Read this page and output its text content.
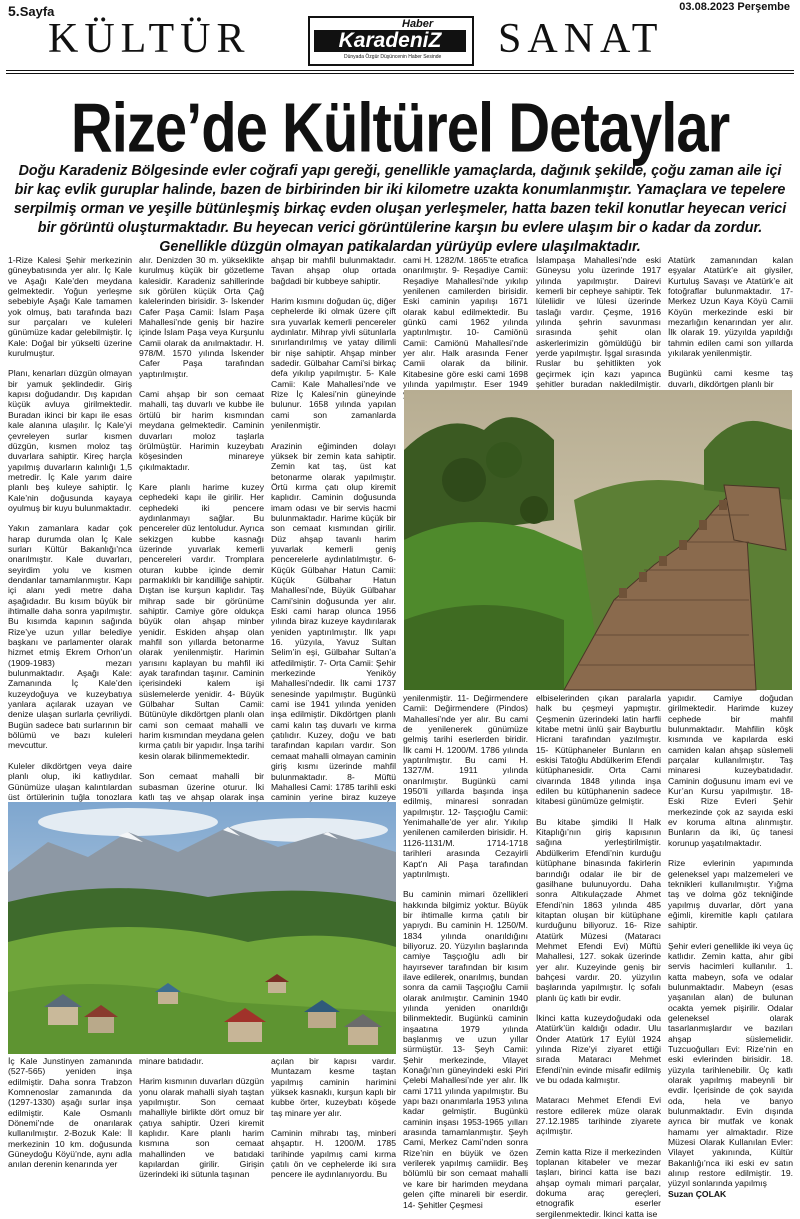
5.Sayfa	03.08.2023 Perşembe
KÜLTÜR	Haber
KaradeniZ
Dünyada Özgür Düşüncenin Haber Sesinde SANAT
Rize’de Kültürel Detaylar
Doğu Karadeniz Bölgesinde evler coğrafi yapı gereği, genellikle yamaçlarda, dağınık şekilde, çoğu zaman aile içi bir kaç evlik guruplar halinde, bazen de birbirinden bir iki kilometre uzakta konumlanmıştır. Yamaçlara ve tepelere serpilmiş orman ve yeşille bütünleşmiş birkaç evden oluşan yerleşmeler, hatta bazen tekil konutlar heyecan verici bir görüntü oluşturmaktadır. Bu heyecan verici görüntülerine karşın bu evlere ulaşım bir o kadar da zordur. Genellikle düzgün olmayan patikalardan yürüyüp evlere ulaşılmaktadır.

1-Rize Kalesi Şehir merkezinin güneybatısında yer alır. İç Kale ve Aşağı Kale’den meydana gelmektedir. Yoğun yerleşme sebebiyle Aşağı Kale tamamen yok olmuş, batı tarafında bazı sur parçaları ve kuleleri günümüze kadar gelebilmiştir. İç Kale: Doğal bir yükselti üzerine kurulmuştur.

Planı, kenarları düzgün olmayan bir yamuk şeklindedir. Giriş kapısı doğudandır. Dış kapıdan küçük avluya girilmektedir. Buradan ikinci bir kapı ile esas kale alanına ulaşılır. İç Kale’yi çevreleyen surlar kısmen düzgün, kısmen moloz taş duvarlara sahiptir. Kireç harçla yapılmış duvarların kalınlığı 1,5 metredir. İç Kale yarım daire planlı beş kuleye sahiptir. İç Kale’nin doğusunda kayaya oyulmuş bir kuyu bulunmaktadır.

Yakın zamanlara kadar çok harap durumda olan İç Kale surları Kültür Bakanlığı’nca onarılmıştır. Kale duvarları, seyirdim yolu ve kısmen dendanlar tamamlanmıştır. Kapı içi alanı yedi metre daha aşağıdadır. Bu kısım büyük bir ihtimalle daha sonra yapılmıştır. Bu kısımda kapının sağında Rize’ye uzun yıllar belediye başkanı ve parlamenter olarak hizmet etmiş Ekrem Orhon’un (1909-1983) mezarı bulunmaktadır. Aşağı Kale: Zamanında İç Kale’den kuzeydoğuya ve kuzeybatıya yanlara açılarak uzayan ve denize ulaşan surlarla çevriliydi. Bugün sadece batı surlarının bir bölümü ve bazı kuleleri mevcuttur.

Kuleler dikdörtgen veya daire planlı olup, iki katlıydılar. Günümüze ulaşan kalıntılardan üst örtülerinin tuğla tonozlara

alır. Denizden 30 m. yükseklikte kurulmuş küçük bir gözetleme kalesidir. Karadeniz sahillerinde sık görülen küçük Orta Çağ kalelerinden birisidir. 3- İskender Cafer Paşa Camii: İslam Paşa Mahallesi’nde geniş bir hazire içinde İslam Paşa veya Kurşunlu Camii olarak da anılmaktadır. H. 978/M. 1570 yılında İskender Cafer Paşa tarafından yaptırılmıştır.

Cami ahşap bir son cemaat mahalli, taş duvarlı ve kubbe ile örtülü bir harim kısmından meydana gelmektedir. Caminin duvarları moloz taşlarla örülmüştür. Harimin kuzeybatı köşesinden minareye çıkılmaktadır.

Kare planlı harime kuzey cephedeki kapı ile girilir. Her cephedeki iki pencere aydınlanmayı sağlar. Bu pencereler düz lentoludur. Ayrıca sekizgen kubbe kasnağı üzerinde yuvarlak kemerli pencereleri vardır. Tromplara oturan kubbe içinde demir parmaklıklı bir kandilliğe sahiptir. Dıştan ise kurşun kaplıdır. Taş mihrap sade bir görünüme sahiptir. Camiye göre oldukça büyük olan ahşap minber yenidir. Eskiden ahşap olan mahfil son yıllarda betonarme olarak yenilenmiştir. Harimin yarısını kaplayan bu mahfil iki ayak tarafından taşınır. Caminin içerisindeki kalem işi süslemelerde yenidir. 4- Büyük Gülbahar Sultan Camii: Bütünüyle dikdörtgen planlı olan cami son cemaat mahalli ve harim kısmından meydana gelen kırma çatılı bir yapıdır. İnşa tarihi kesin olarak bilinmemektedir.

Son cemaat mahalli bir subasman üzerine oturur. İki katlı taş ve ahşap olarak inşa

ahşap bir mahfil bulunmaktadır. Tavan ahşap olup ortada bağdadi bir kubbeye sahiptir.

Harim kısmını doğudan üç, diğer cephelerde iki olmak üzere çift sıra yuvarlak kemerli pencereler aydınlatır. Mihrap yivli sütunlarla sınırlandırılmış ve yatay dilimli bir nişe sahiptir. Ahşap minber sadedir. Gülbahar Cami’si birkaç defa yıkılıp yapılmıştır. 5- Kale Camii: Kale Mahallesi’nde ve Rize İç Kalesi’nin güneyinde bulunur. 1658 yılında yapılan cami son zamanlarda yenilenmiştir.

Arazinin eğiminden dolayı yüksek bir zemin kata sahiptir. Zemin kat taş, üst kat betonarme olarak yapılmıştır. Örtü kırma çatı olup kiremit kaplıdır. Caminin doğusunda imam odası ve bir servis hacmi bulunmaktadır. Harime küçük bir son cemaat kısmından girilir. Düz ahşap tavanlı harim yuvarlak kemerli geniş pencerelerle aydınlatılmıştır. 6- Küçük Gülbahar Hatun Camii: Küçük Gülbahar Hatun Mahallesi’nde, Büyük Gülbahar Cami’sinin doğusunda yer alır. Eski cami harap olunca 1956 yılında biraz kuzeye kaydırılarak yeniden yaptırılmıştır. İlk yapı 16. yüzyıla, Yavuz Sultan Selim’in eşi, Gülbahar Sultan’a atfedilmiştir. 7- Orta Camii: Şehir merkezinde Yeniköy Mahallesi’ndedir. İlk cami 1737 senesinde yapılmıştır. Bugünkü cami ise 1941 yılında yeniden inşa edilmiştir. Dikdörtgen planlı cami kalın taş duvarlı ve kırma çatılıdır. Kuzey, doğu ve batı tarafından kapıları vardır. Son cemaat mahalli olmayan caminin giriş kısmı üzerinde mahfil bulunmaktadır. 8- Müftü Mahallesi Cami: 1785 tarihli eski caminin yerine biraz kuzeye

cami H. 1282/M. 1865’te etrafica onarılmıştır. 9- Reşadiye Camii: Reşadiye Mahallesi’nde yıkılıp yenilenen camilerden birisidir. Eski caminin yapılışı 1671 olarak kabul edilmektedir. Bu günkü cami 1962 yılında yaptırılmıştır. 10- Camiönü Camii: Camiönü Mahallesi’nde yer alır. Halk arasında Fener Camii olarak da bilinir. Kitabesine göre eski cami 1698 yılında yapılmıştır. Eser 1949

İslampaşa Mahallesi’nde eski Güneysu yolu üzerinde 1917 yılında yapılmıştır. Dairevi kemerli bir cepheye sahiptir. Tek lüleliidir ve lülesi üzerinde taslağı vardır. Çeşme, 1916 yılında şehrin savunması sırasında şehit olan askerlerimizin gömüldüğü bir yerde yapılmıştır. İşgal sırasında Ruslar bu şehitlikten yok geçirmek için kazı yapınca şehitler buradan nakledilmiştir.

Atatürk zamanından kalan eşyalar Atatürk’e ait giysiler, Kurtuluş Savaşı ve Atatürk’e ait fotoğraflar bulunmaktadır. 17- Merkez Uzun Kaya Köyü Camii Köyün merkezinde eski bir mezarlığın kenarından yer alır. İlk olarak 19. yüzyılda yapıldığı tahmin edilen cami son yıllarda yıkılarak yenilenmiştir.

Bugünkü cami kesme taş duvarlı, dikdörtgen planlı bir

yenilenmiştir. 11- Değirmendere Camii: Değirmendere (Pindos) Mahallesi’nde yer alır. Bu cami de yenilenerek günümüze gelmiş tarihi eserlerden biridir. İlk cami H. 1200/M. 1786 yılında yaptırılmıştır. Bu cami H. 1327/M. 1911 yılında onarılmıştır. Bugünkü cami 1950’li yıllarda başında inşa edilmiş, minaresi sonradan yapılmıştır. 12- Taşçıoğlu Camii: Yenimahalle’de yer alır. Yıkılıp yenilenen camilerden birisidir. H. 1126-1131/M. 1714-1718 tarihleri arasında Cezayirli Kapt’n Ali Paşa tarafından yaptırılmıştı.

Bu caminin mimari özellikleri hakkında bilgimiz yoktur. Büyük bir ihtimalle kırma çatılı bir yapıydı. Bu caminin H. 1250/M. 1834 yılında onarıldığını biliyoruz. 20. Yüzyılın başlarında camiye Taşçıoğlu adlı bir hayırsever tarafından bir kısım ilave edilerek, onarılmış, bundan sonra da camii Taşçıoğlu Camii olarak anılmıştır. Caminin 1940 yılında yeniden onarıldığı bilinmektedir. Bugünkü caminin inşaatına 1979 yılında başlanmış ve uzun yıllar sürmüştür. 13- Şeyh Camii: Şehir merkezinde, Vilayet Konağı’nın güneyindeki eski Piri Çelebi Mahallesi’nde yer alır. İlk cami 1711 yılında yapılmıştır. Bu yapı bazı onarımlarla 1953 yılına kadar gelmiştir. Bugünkü caminin inşası 1953-1965 yılları arasında tamamlanmıştır. Şeyh Cami, Merkez Cami’nden sonra Rize’nin en büyük ve özen verilerek yapılmış camiidir. Beş bölümlü bir son cemaat mahalli ve kare bir harimden meydana gelen çifte minareli bir eserdir. 14- Şehitler Çeşmesi

elbiselerinden çıkan paralarla halk bu çeşmeyi yapmıştır. Çeşmenin üzerindeki latin harfli kitabe metni ünlü şair Bayburtlu Hicrani tarafından yazılmıştır. 15- Kütüphaneler Bunların en eskisi Tatoğlu Abdülkerim Efendi kütüphanesidir. Orta Cami civarında 1848 yılında inşa edilen bu kütüphanenin sadece kitabesi günümüze gelmiştir.

Bu kitabe şimdiki İl Halk Kitaplığı’nın giriş kapısının sağına yerleştirilmiştir. Abdülkerim Efendi’nin kurduğu kütüphane binasında fakirlerin barındığı odalar ile bir de gasilhane bulunuyordu. Daha sonra Altıkulaçzade Ahmet Efendi’nin 1863 yılında 485 kitaptan oluşan bir kütüphane kurduğunu biliyoruz. 16- Rize Atatürk Müzesi (Mataracı Mehmet Efendi Evi) Müftü Mahallesi, 127. sokak üzerinde yer alır. Kuzeyinde geniş bir bahçesi vardır. 20. yüzyılın başlarında yapılmıştır. İç sofalı planlı üç katlı bir evdir.

İkinci katta kuzeydoğudaki oda Atatürk’ün kaldığı odadır. Ulu Önder Atatürk 17 Eylül 1924 yılında Rize’yi ziyaret ettiği sırada Mataracı Mehmet Efendi’nin evinde misafir edilmiş ve bu odada kalmıştır.

Mataracı Mehmet Efendi Evi restore edilerek müze olarak 27.12.1985 tarihinde ziyarete açılmıştır.

Zemin katta Rize il merkezinden toplanan kitabeler ve mezar taşları, birinci katta ise bazı ahşap oymalı mimari parçalar, dokuma araç gereçleri, etnografik eserler sergilenmektedir. İkinci katta ise

yapıdır. Camiye doğudan girilmektedir. Harimde kuzey cephede bir mahfil bulunmaktadır. Mahfilin köşk kısmında ve kapılarda eski camiden kalan ahşap süslemeli parçalar kullanılmıştır. Taş minaresi kuzeybatıdadır. Caminin doğusunu imam evi ve Kur’an Kursu yapılmıştır. 18- Eski Rize Evleri Şehir merkezinde çok az sayıda eski ev koruma altına alınmıştır. Bunların da iki, üç tanesi korunup yaşatılmaktadır.

Rize evlerinin yapımında geleneksel yapı malzemeleri ve teknikleri kullanılmıştır. Yığma taş ve dolma göz tekniğinde yapılmış duvarlar, dört yana eğimli, kiremitle kaplı çatılara sahiptir.

Şehir evleri genellikle iki veya üç katlıdır. Zemin katta, ahır gibi servis hacimleri kullanılır. 1. katta mabeyn, sofa ve odalar bulunmaktadır. Mabeyn (esas yaşanılan alan) de bulunan ocakta yemek pişirilir. Odalar geleneksel olarak tasarlanmışlardır ve bazıları ahşap süslemelidir. Tuzcuoğulları Evi: Rize’nin en eski evlerinden birisidir. 18. yüzyıla tarihlenebilir. Üç katlı olarak yapılmış mabeynli bir evdir. İçerisinde de çok sayıda oda, hela ve banyo bulunmaktadır. Evin dışında ayrıca bir mutfak ve konak hamamı yer almaktadır. Rize Müzesi Olarak Kullanılan Evler: Vilayet yakınında, Kültür Bakanlığı’nca iki eski ev satın alınıp restore edilmiştir. 19. yüzyıl sonlarında yapılmış

Suzan ÇOLAK

İç Kale Junstinyen zamanında (527-565) yeniden inşa edilmiştir. Daha sonra Trabzon Komnenoslar zamanında da (1297-1330) aşağı surlar inşa edilmiştir. Kale Osmanlı Dönemi’nde de onarılarak kullanılmıştır. 2-Bozuk Kale: İl merkezinin 10 km. doğusunda Güneydoğu Köyü’nde, aynı adla anılan derenin kenarında yer

minare batıdadır.

Harim kısmının duvarları düzgün yonu olarak mahalli siyah taştan yapılmıştır. Son cemaat mahalliyle birlikte dört omuz bir çatıya sahiptir. Üzeri kiremit kaplıdır. Kare planlı harim kısmına son cemaat mahallinden ve batıdaki kapılardan girilir. Girişin üzerindeki iki sütunla taşınan

açılan bir kapısı vardır. Muntazam kesme taştan yapılmış caminin harimini yüksek kasnaklı, kurşun kaplı bir kubbe örter, kuzeybatı köşede taş minare yer alır.

Caminin mihrabı taş, minberi ahşaptır. H. 1200/M. 1785 tarihinde yapılmış cami kırma çatılı ön ve cephelerde iki sıra pencere ile aydınlanıyordu. Bu
